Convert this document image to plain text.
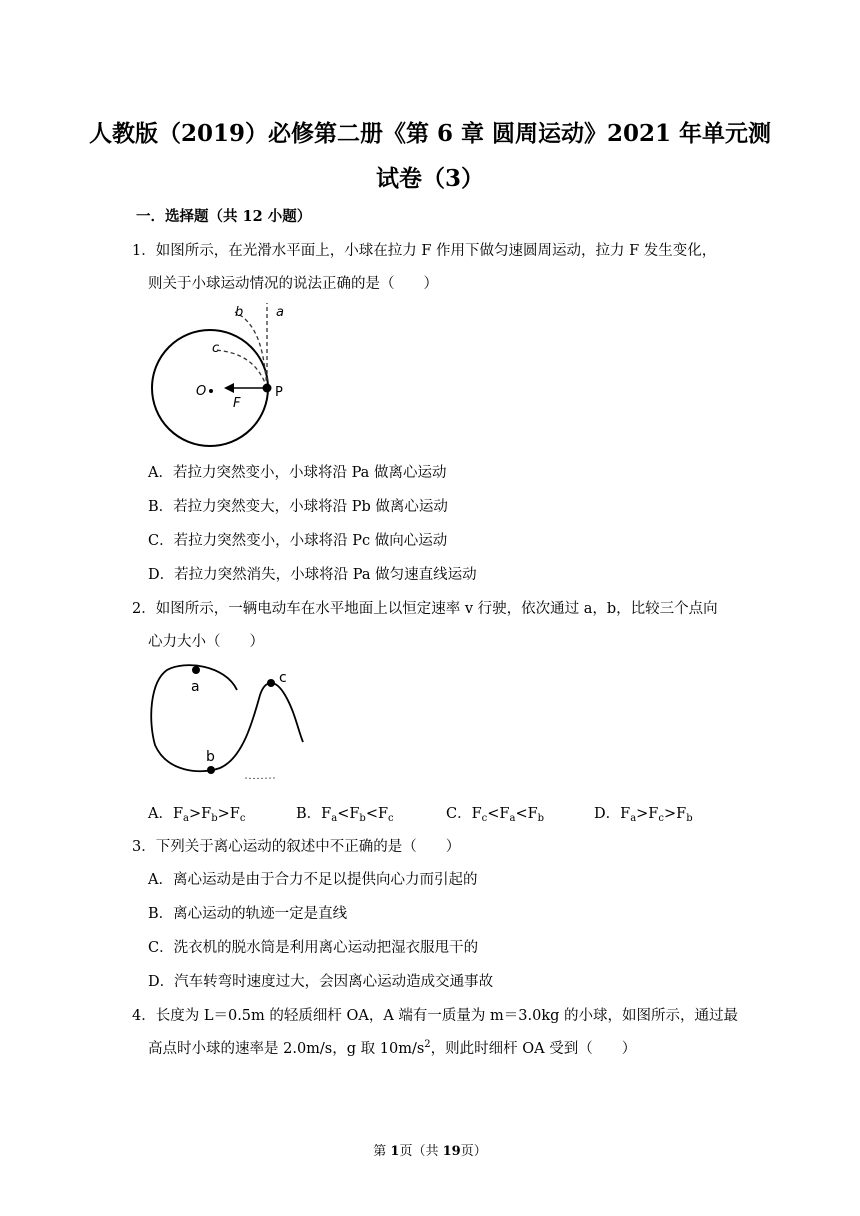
人教版（2019）必修第二册《第 6 章 圆周运动》2021 年单元测
试卷（3）
一．选择题（共 12 小题）
1．如图所示，在光滑水平面上，小球在拉力 F 作用下做匀速圆周运动，拉力 F 发生变化，
则关于小球运动情况的说法正确的是（　　）
a
b
c
O
F
P
A．若拉力突然变小，小球将沿 Pa 做离心运动
B．若拉力突然变大，小球将沿 Pb 做离心运动
C．若拉力突然变小，小球将沿 Pc 做向心运动
D．若拉力突然消失，小球将沿 Pa 做匀速直线运动
2．如图所示，一辆电动车在水平地面上以恒定速率 v 行驶，依次通过 a，b，比较三个点向
心力大小（　　）
a
b
c
A．$F_a>F_b>F_c$	B．$F_a<F_b<F_c$	C．$F_c<F_a<F_b$	D．$F_a>F_c>F_b$
3．下列关于离心运动的叙述中不正确的是（　　）
A．离心运动是由于合力不足以提供向心力而引起的
B．离心运动的轨迹一定是直线
C．洗衣机的脱水筒是利用离心运动把湿衣服甩干的
D．汽车转弯时速度过大，会因离心运动造成交通事故
4．长度为 L＝0.5m 的轻质细杆 OA，A 端有一质量为 m＝3.0kg 的小球，如图所示，通过最
高点时小球的速率是 2.0m/s，g 取 $10m/s^2$，则此时细杆 OA 受到（　　）
第 1页（共 19页）
